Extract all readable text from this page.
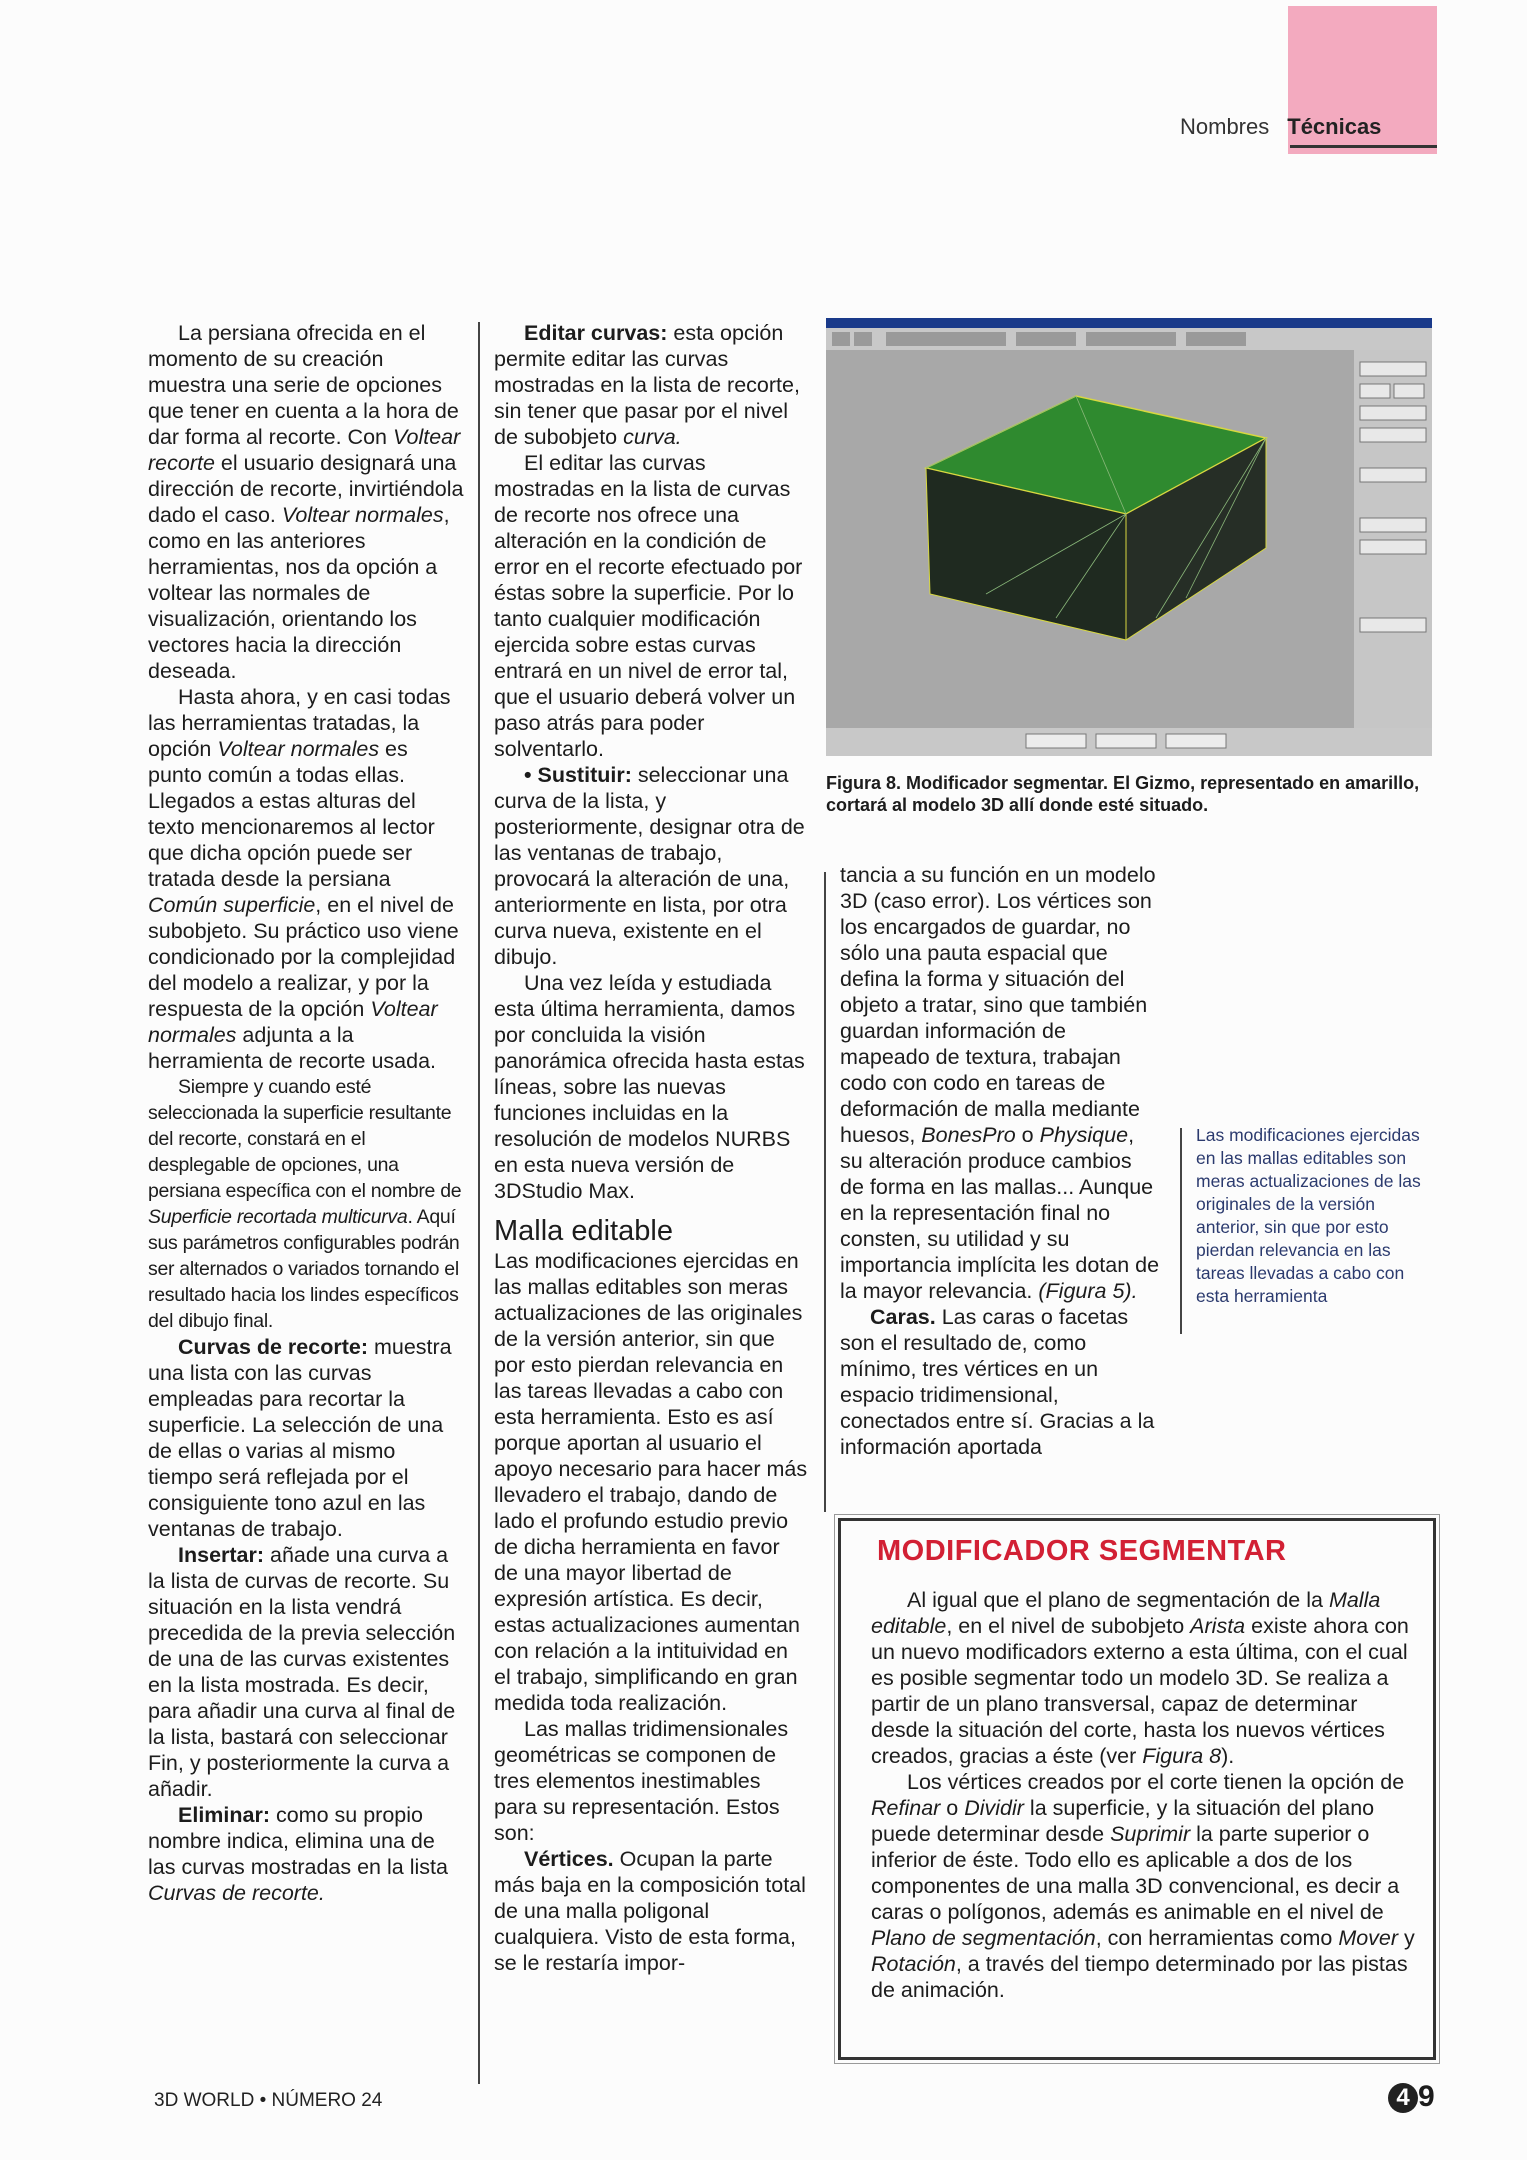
Nombres Técnicas

La persiana ofrecida en el momento de su creación muestra una serie de opciones que tener en cuenta a la hora de dar forma al recorte. Con Voltear recorte el usuario designará una dirección de recorte, invirtiéndola dado el caso. Voltear normales, como en las anteriores herramientas, nos da opción a voltear las normales de visualización, orientando los vectores hacia la dirección deseada.

Hasta ahora, y en casi todas las herramientas tratadas, la opción Voltear normales es punto común a todas ellas. Llegados a estas alturas del texto mencionaremos al lector que dicha opción puede ser tratada desde la persiana Común superficie, en el nivel de subobjeto. Su práctico uso viene condicionado por la complejidad del modelo a realizar, y por la respuesta de la opción Voltear normales adjunta a la herramienta de recorte usada.

Siempre y cuando esté seleccionada la superficie resultante del recorte, constará en el desplegable de opciones, una persiana específica con el nombre de Superficie recortada multicurva. Aquí sus parámetros configurables podrán ser alternados o variados tornando el resultado hacia los lindes específicos del dibujo final.

Curvas de recorte: muestra una lista con las curvas empleadas para recortar la superficie. La selección de una de ellas o varias al mismo tiempo será reflejada por el consiguiente tono azul en las ventanas de trabajo.

Insertar: añade una curva a la lista de curvas de recorte. Su situación en la lista vendrá precedida de la previa selección de una de las curvas existentes en la lista mostrada. Es decir, para añadir una curva al final de la lista, bastará con seleccionar Fin, y posteriormente la curva a añadir.

Eliminar: como su propio nombre indica, elimina una de las curvas mostradas en la lista Curvas de recorte.

Editar curvas: esta opción permite editar las curvas mostradas en la lista de recorte, sin tener que pasar por el nivel de subobjeto curva.

El editar las curvas mostradas en la lista de curvas de recorte nos ofrece una alteración en la condición de error en el recorte efectuado por éstas sobre la superficie. Por lo tanto cualquier modificación ejercida sobre estas curvas entrará en un nivel de error tal, que el usuario deberá volver un paso atrás para poder solventarlo.

• Sustituir: seleccionar una curva de la lista, y posteriormente, designar otra de las ventanas de trabajo, provocará la alteración de una, anteriormente en lista, por otra curva nueva, existente en el dibujo.

Una vez leída y estudiada esta última herramienta, damos por concluida la visión panorámica ofrecida hasta estas líneas, sobre las nuevas funciones incluidas en la resolución de modelos NURBS en esta nueva versión de 3DStudio Max.

Malla editable

Las modificaciones ejercidas en las mallas editables son meras actualizaciones de las originales de la versión anterior, sin que por esto pierdan relevancia en las tareas llevadas a cabo con esta herramienta. Esto es así porque aportan al usuario el apoyo necesario para hacer más llevadero el trabajo, dando de lado el profundo estudio previo de dicha herramienta en favor de una mayor libertad de expresión artística. Es decir, estas actualizaciones aumentan con relación a la intituividad en el trabajo, simplificando en gran medida toda realización.

Las mallas tridimensionales geométricas se componen de tres elementos inestimables para su representación. Estos son:

Vértices. Ocupan la parte más baja en la composición total de una malla poligonal cualquiera. Visto de esta forma, se le restaría impor-

Figura 8. Modificador segmentar. El Gizmo, representado en amarillo, cortará al modelo 3D allí donde esté situado.

tancia a su función en un modelo 3D (caso error). Los vértices son los encargados de guardar, no sólo una pauta espacial que defina la forma y situación del objeto a tratar, sino que también guardan información de mapeado de textura, trabajan codo con codo en tareas de deformación de malla mediante huesos, BonesPro o Physique, su alteración produce cambios de forma en las mallas... Aunque en la representación final no consten, su utilidad y su importancia implícita les dotan de la mayor relevancia. (Figura 5).

Caras. Las caras o facetas son el resultado de, como mínimo, tres vértices en un espacio tridimensional, conectados entre sí. Gracias a la información aportada

Las modificaciones ejercidas en las mallas editables son meras actualizaciones de las originales de la versión anterior, sin que por esto pierdan relevancia en las tareas llevadas a cabo con esta herramienta
MODIFICADOR SEGMENTAR

Al igual que el plano de segmentación de la Malla editable, en el nivel de subobjeto Arista existe ahora con un nuevo modificadors externo a esta última, con el cual es posible segmentar todo un modelo 3D. Se realiza a partir de un plano transversal, capaz de determinar desde la situación del corte, hasta los nuevos vértices creados, gracias a éste (ver Figura 8).

Los vértices creados por el corte tienen la opción de Refinar o Dividir la superficie, y la situación del plano puede determinar desde Suprimir la parte superior o inferior de éste. Todo ello es aplicable a dos de los componentes de una malla 3D convencional, es decir a caras o polígonos, además es animable en el nivel de Plano de segmentación, con herramientas como Mover y Rotación, a través del tiempo determinado por las pistas de animación.

3D WORLD • NÚMERO 24	4 9
